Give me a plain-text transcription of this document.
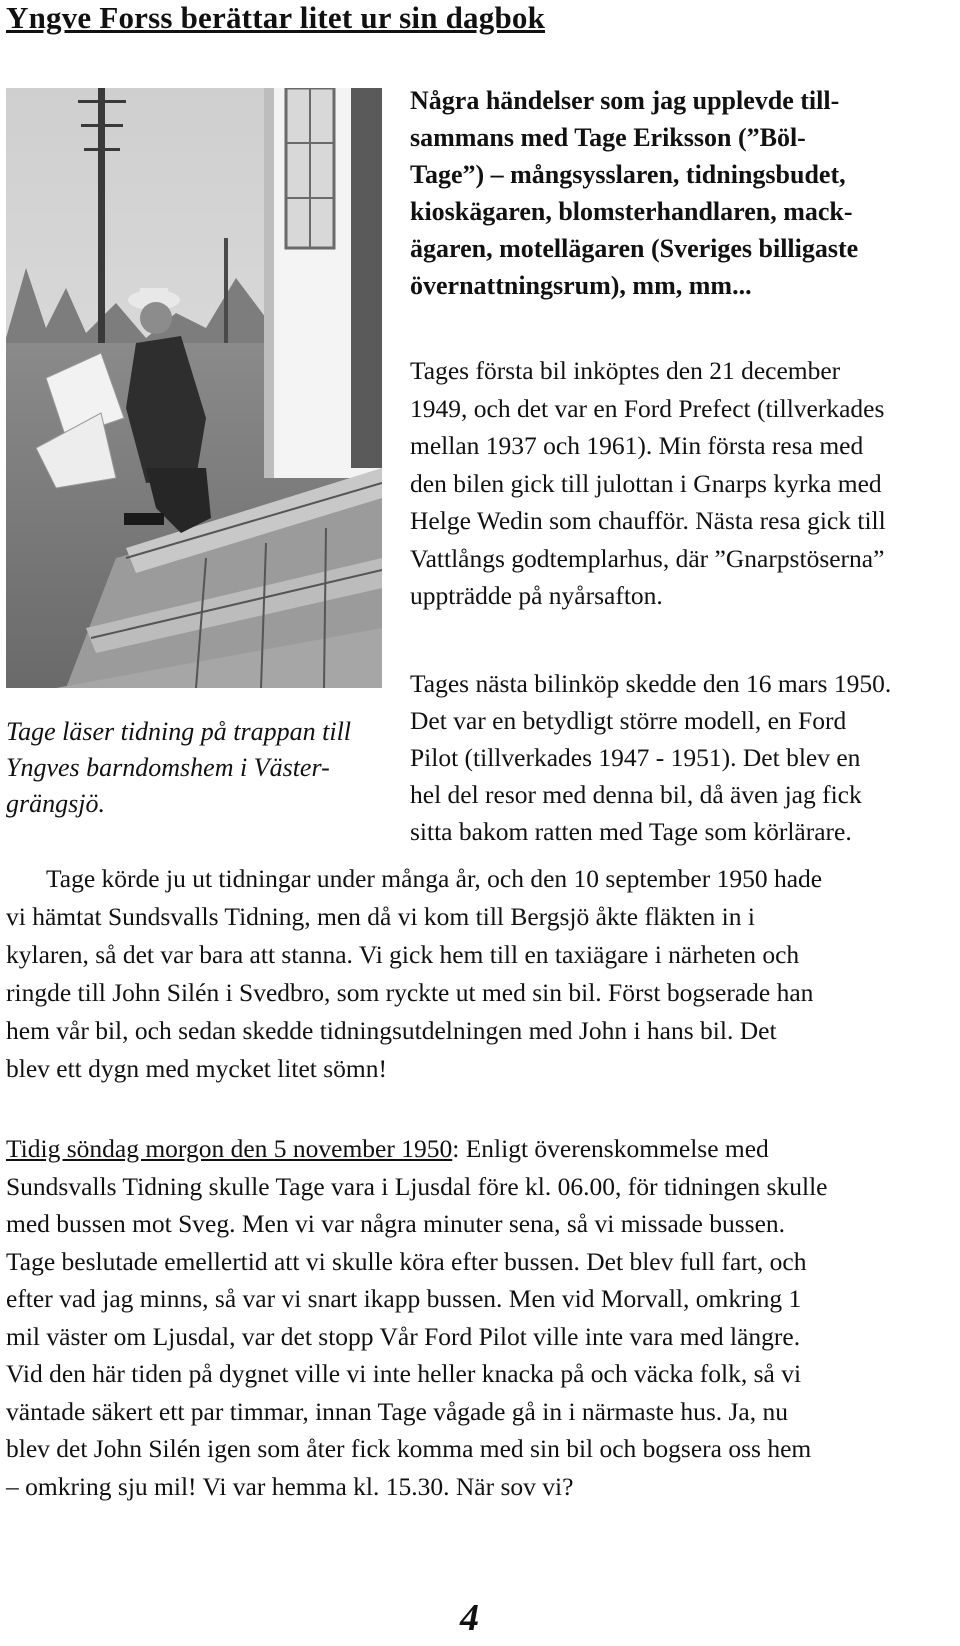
Yngve Forss berättar litet ur sin dagbok
Några händelser som jag upplevde till-
sammans med Tage Eriksson (”Böl-
Tage”) – mångsysslaren, tidningsbudet,
kioskägaren, blomsterhandlaren, mack-
ägaren, motellägaren (Sveriges billigaste
övernattningsrum), mm, mm...
Tages första bil inköptes den 21 december
1949, och det var en Ford Prefect (tillverkades
mellan 1937 och 1961). Min första resa med
den bilen gick till julottan i Gnarps kyrka med
Helge Wedin som chaufför. Nästa resa gick till
Vattlångs godtemplarhus, där ”Gnarpstöserna”
uppträdde på nyårsafton.
Tage läser tidning på trappan till
Yngves barndomshem i Väster-
grängsjö.
Tages nästa bilinköp skedde den 16 mars 1950.
Det var en betydligt större modell, en Ford
Pilot (tillverkades 1947 - 1951). Det blev en
hel del resor med denna bil, då även jag fick
sitta bakom ratten med Tage som körlärare.
Tage körde ju ut tidningar under många år, och den 10 september 1950 hade
vi hämtat Sundsvalls Tidning, men då vi kom till Bergsjö åkte fläkten in i
kylaren, så det var bara att stanna. Vi gick hem till en taxiägare i närheten och
ringde till John Silén i Svedbro, som ryckte ut med sin bil. Först bogserade han
hem vår bil, och sedan skedde tidningsutdelningen med John i hans bil. Det
blev ett dygn med mycket litet sömn!
Tidig söndag morgon den 5 november 1950: Enligt överenskommelse med
Sundsvalls Tidning skulle Tage vara i Ljusdal före kl. 06.00, för tidningen skulle
med bussen mot Sveg. Men vi var några minuter sena, så vi missade bussen.
Tage beslutade emellertid att vi skulle köra efter bussen. Det blev full fart, och
efter vad jag minns, så var vi snart ikapp bussen. Men vid Morvall, omkring 1
mil väster om Ljusdal, var det stopp Vår Ford Pilot ville inte vara med längre.
Vid den här tiden på dygnet ville vi inte heller knacka på och väcka folk, så vi
väntade säkert ett par timmar, innan Tage vågade gå in i närmaste hus. Ja, nu
blev det John Silén igen som åter fick komma med sin bil och bogsera oss hem
– omkring sju mil! Vi var hemma kl. 15.30. När sov vi?
4
